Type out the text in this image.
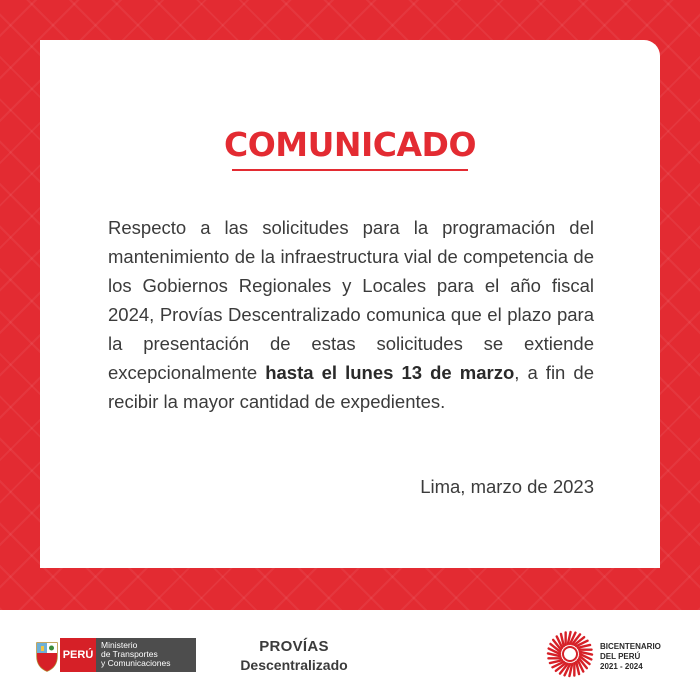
COMUNICADO

Respecto a las solicitudes para la programación del mantenimiento de la infraestructura vial de competencia de los Gobiernos Regionales y Locales para el año fiscal 2024, Provías Descentralizado comunica que el plazo para la presentación de estas solicitudes se extiende excepcionalmente hasta el lunes 13 de marzo, a fin de recibir la mayor cantidad de expedientes.

Lima, marzo de 2023
PERÚ
Ministerio
de Transportes
y Comunicaciones
PROVÍAS
Descentralizado
BICENTENARIO
DEL PERÚ
2021 - 2024
